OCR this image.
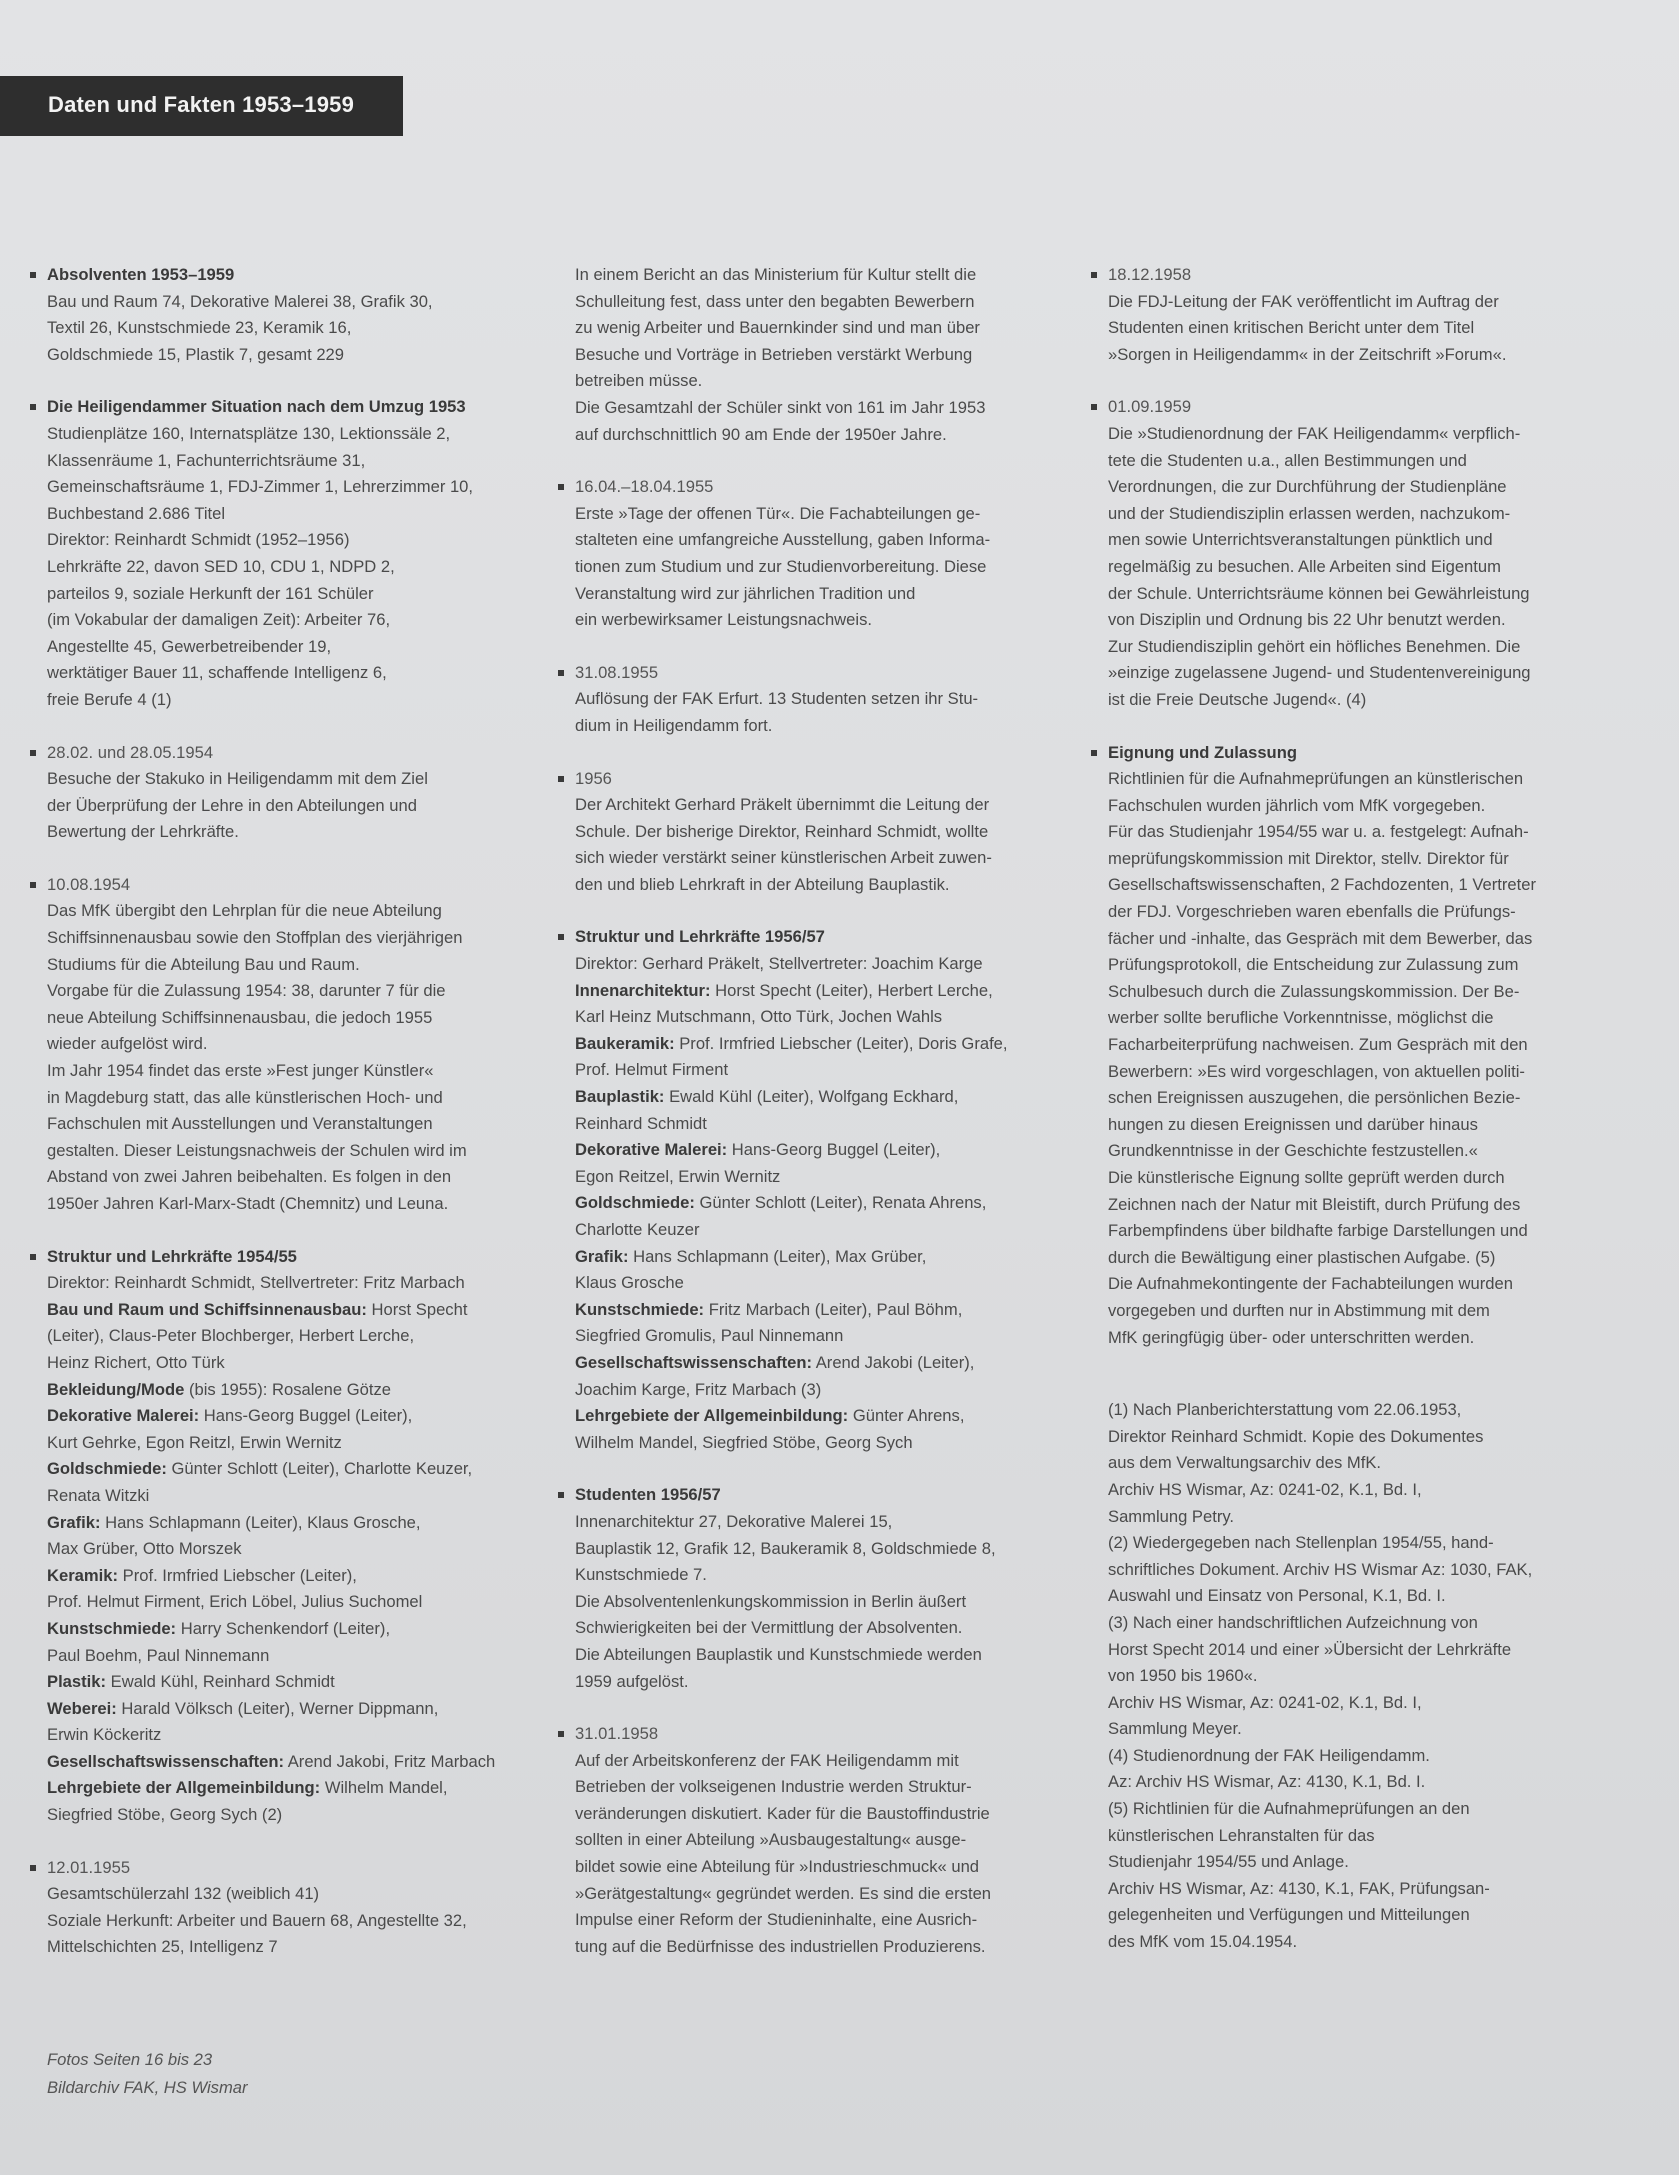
Daten und Fakten 1953–1959
Absolventen 1953–1959
Bau und Raum 74, Dekorative Malerei 38, Grafik 30,
Textil 26, Kunstschmiede 23, Keramik 16,
Goldschmiede 15, Plastik 7, gesamt 229
Die Heiligendammer Situation nach dem Umzug 1953
Studienplätze 160, Internatsplätze 130, Lektionssäle 2,
Klassenräume 1, Fachunterrichtsräume 31,
Gemeinschaftsräume 1, FDJ-Zimmer 1, Lehrerzimmer 10,
Buchbestand 2.686 Titel
Direktor: Reinhardt Schmidt (1952–1956)
Lehrkräfte 22, davon SED 10, CDU 1, NDPD 2,
parteilos 9, soziale Herkunft der 161 Schüler
(im Vokabular der damaligen Zeit): Arbeiter 76,
Angestellte 45, Gewerbetreibender 19,
werktätiger Bauer 11, schaffende Intelligenz 6,
freie Berufe 4 (1)
28.02. und 28.05.1954
Besuche der Stakuko in Heiligendamm mit dem Ziel
der Überprüfung der Lehre in den Abteilungen und
Bewertung der Lehrkräfte.
10.08.1954
Das MfK übergibt den Lehrplan für die neue Abteilung
Schiffsinnenausbau sowie den Stoffplan des vierjährigen
Studiums für die Abteilung Bau und Raum.
Vorgabe für die Zulassung 1954: 38, darunter 7 für die
neue Abteilung Schiffsinnenausbau, die jedoch 1955
wieder aufgelöst wird.
Im Jahr 1954 findet das erste »Fest junger Künstler«
in Magdeburg statt, das alle künstlerischen Hoch- und
Fachschulen mit Ausstellungen und Veranstaltungen
gestalten. Dieser Leistungsnachweis der Schulen wird im
Abstand von zwei Jahren beibehalten. Es folgen in den
1950er Jahren Karl-Marx-Stadt (Chemnitz) und Leuna.
Struktur und Lehrkräfte 1954/55
Direktor: Reinhardt Schmidt, Stellvertreter: Fritz Marbach
Bau und Raum und Schiffsinnenausbau: Horst Specht
(Leiter), Claus-Peter Blochberger, Herbert Lerche,
Heinz Richert, Otto Türk
Bekleidung/Mode (bis 1955): Rosalene Götze
Dekorative Malerei: Hans-Georg Buggel (Leiter),
Kurt Gehrke, Egon Reitzl, Erwin Wernitz
Goldschmiede: Günter Schlott (Leiter), Charlotte Keuzer,
Renata Witzki
Grafik: Hans Schlapmann (Leiter), Klaus Grosche,
Max Grüber, Otto Morszek
Keramik: Prof. Irmfried Liebscher (Leiter),
Prof. Helmut Firment, Erich Löbel, Julius Suchomel
Kunstschmiede: Harry Schenkendorf (Leiter),
Paul Boehm, Paul Ninnemann
Plastik: Ewald Kühl, Reinhard Schmidt
Weberei: Harald Völksch (Leiter), Werner Dippmann,
Erwin Köckeritz
Gesellschaftswissenschaften: Arend Jakobi, Fritz Marbach
Lehrgebiete der Allgemeinbildung: Wilhelm Mandel,
Siegfried Stöbe, Georg Sych (2)
12.01.1955
Gesamtschülerzahl 132 (weiblich 41)
Soziale Herkunft: Arbeiter und Bauern 68, Angestellte 32,
Mittelschichten 25, Intelligenz 7
In einem Bericht an das Ministerium für Kultur stellt die
Schulleitung fest, dass unter den begabten Bewerbern
zu wenig Arbeiter und Bauernkinder sind und man über
Besuche und Vorträge in Betrieben verstärkt Werbung
betreiben müsse.
Die Gesamtzahl der Schüler sinkt von 161 im Jahr 1953
auf durchschnittlich 90 am Ende der 1950er Jahre.
16.04.–18.04.1955
Erste »Tage der offenen Tür«. Die Fachabteilungen ge-
stalteten eine umfangreiche Ausstellung, gaben Informa-
tionen zum Studium und zur Studienvorbereitung. Diese
Veranstaltung wird zur jährlichen Tradition und
ein werbewirksamer Leistungsnachweis.
31.08.1955
Auflösung der FAK Erfurt. 13 Studenten setzen ihr Stu-
dium in Heiligendamm fort.
1956
Der Architekt Gerhard Präkelt übernimmt die Leitung der
Schule. Der bisherige Direktor, Reinhard Schmidt, wollte
sich wieder verstärkt seiner künstlerischen Arbeit zuwen-
den und blieb Lehrkraft in der Abteilung Bauplastik.
Struktur und Lehrkräfte 1956/57
Direktor: Gerhard Präkelt, Stellvertreter: Joachim Karge
Innenarchitektur: Horst Specht (Leiter), Herbert Lerche,
Karl Heinz Mutschmann, Otto Türk, Jochen Wahls
Baukeramik: Prof. Irmfried Liebscher (Leiter), Doris Grafe,
Prof. Helmut Firment
Bauplastik: Ewald Kühl (Leiter), Wolfgang Eckhard,
Reinhard Schmidt
Dekorative Malerei: Hans-Georg Buggel (Leiter),
Egon Reitzel, Erwin Wernitz
Goldschmiede: Günter Schlott (Leiter), Renata Ahrens,
Charlotte Keuzer
Grafik: Hans Schlapmann (Leiter), Max Grüber,
Klaus Grosche
Kunstschmiede: Fritz Marbach (Leiter), Paul Böhm,
Siegfried Gromulis, Paul Ninnemann
Gesellschaftswissenschaften: Arend Jakobi (Leiter),
Joachim Karge, Fritz Marbach (3)
Lehrgebiete der Allgemeinbildung: Günter Ahrens,
Wilhelm Mandel, Siegfried Stöbe, Georg Sych
Studenten 1956/57
Innenarchitektur 27, Dekorative Malerei 15,
Bauplastik 12, Grafik 12, Baukeramik 8, Goldschmiede 8,
Kunstschmiede 7.
Die Absolventenlenkungskommission in Berlin äußert
Schwierigkeiten bei der Vermittlung der Absolventen.
Die Abteilungen Bauplastik und Kunstschmiede werden
1959 aufgelöst.
31.01.1958
Auf der Arbeitskonferenz der FAK Heiligendamm mit
Betrieben der volkseigenen Industrie werden Struktur-
veränderungen diskutiert. Kader für die Baustoffindustrie
sollten in einer Abteilung »Ausbaugestaltung« ausge-
bildet sowie eine Abteilung für »Industrieschmuck« und
»Gerätgestaltung« gegründet werden. Es sind die ersten
Impulse einer Reform der Studieninhalte, eine Ausrich-
tung auf die Bedürfnisse des industriellen Produzierens.
18.12.1958
Die FDJ-Leitung der FAK veröffentlicht im Auftrag der
Studenten einen kritischen Bericht unter dem Titel
»Sorgen in Heiligendamm« in der Zeitschrift »Forum«.
01.09.1959
Die »Studienordnung der FAK Heiligendamm« verpflich-
tete die Studenten u.a., allen Bestimmungen und
Verordnungen, die zur Durchführung der Studienpläne
und der Studiendisziplin erlassen werden, nachzukom-
men sowie Unterrichtsveranstaltungen pünktlich und
regelmäßig zu besuchen. Alle Arbeiten sind Eigentum
der Schule. Unterrichtsräume können bei Gewährleistung
von Disziplin und Ordnung bis 22 Uhr benutzt werden.
Zur Studiendisziplin gehört ein höfliches Benehmen. Die
»einzige zugelassene Jugend- und Studentenvereinigung
ist die Freie Deutsche Jugend«. (4)
Eignung und Zulassung
Richtlinien für die Aufnahmeprüfungen an künstlerischen
Fachschulen wurden jährlich vom MfK vorgegeben.
Für das Studienjahr 1954/55 war u. a. festgelegt: Aufnah-
meprüfungskommission mit Direktor, stellv. Direktor für
Gesellschaftswissenschaften, 2 Fachdozenten, 1 Vertreter
der FDJ. Vorgeschrieben waren ebenfalls die Prüfungs-
fächer und -inhalte, das Gespräch mit dem Bewerber, das
Prüfungsprotokoll, die Entscheidung zur Zulassung zum
Schulbesuch durch die Zulassungskommission. Der Be-
werber sollte berufliche Vorkenntnisse, möglichst die
Facharbeiterprüfung nachweisen. Zum Gespräch mit den
Bewerbern: »Es wird vorgeschlagen, von aktuellen politi-
schen Ereignissen auszugehen, die persönlichen Bezie-
hungen zu diesen Ereignissen und darüber hinaus
Grundkenntnisse in der Geschichte festzustellen.«
Die künstlerische Eignung sollte geprüft werden durch
Zeichnen nach der Natur mit Bleistift, durch Prüfung des
Farbempfindens über bildhafte farbige Darstellungen und
durch die Bewältigung einer plastischen Aufgabe. (5)
Die Aufnahmekontingente der Fachabteilungen wurden
vorgegeben und durften nur in Abstimmung mit dem
MfK geringfügig über- oder unterschritten werden.
(1) Nach Planberichterstattung vom 22.06.1953,
Direktor Reinhard Schmidt. Kopie des Dokumentes
aus dem Verwaltungsarchiv des MfK.
Archiv HS Wismar, Az: 0241-02, K.1, Bd. I,
Sammlung Petry.
(2) Wiedergegeben nach Stellenplan 1954/55, hand-
schriftliches Dokument. Archiv HS Wismar Az: 1030, FAK,
Auswahl und Einsatz von Personal, K.1, Bd. I.
(3) Nach einer handschriftlichen Aufzeichnung von
Horst Specht 2014 und einer »Übersicht der Lehrkräfte
von 1950 bis 1960«.
Archiv HS Wismar, Az: 0241-02, K.1, Bd. I,
Sammlung Meyer.
(4) Studienordnung der FAK Heiligendamm.
Az: Archiv HS Wismar, Az: 4130, K.1, Bd. I.
(5) Richtlinien für die Aufnahmeprüfungen an den
künstlerischen Lehranstalten für das
Studienjahr 1954/55 und Anlage.
Archiv HS Wismar, Az: 4130, K.1, FAK, Prüfungsan-
gelegenheiten und Verfügungen und Mitteilungen
des MfK vom 15.04.1954.
Fotos Seiten 16 bis 23
Bildarchiv FAK, HS Wismar
